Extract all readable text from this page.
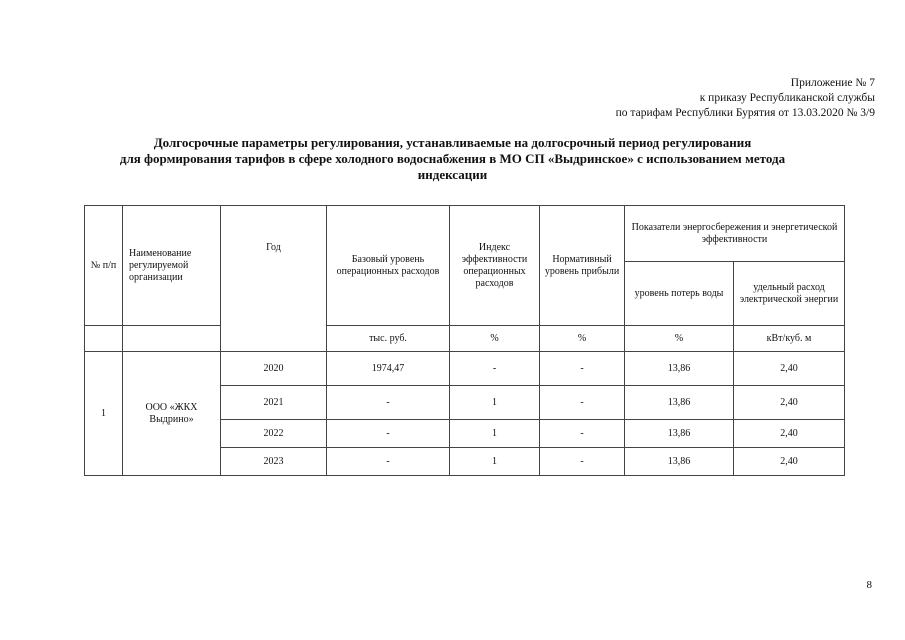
Приложение № 7
к приказу Республиканской службы
по тарифам Республики Бурятия от 13.03.2020 № 3/9
Долгосрочные параметры регулирования, устанавливаемые на долгосрочный период регулирования
для формирования тарифов в сфере холодного водоснабжения в МО СП «Выдринское» с использованием метода
индексации
№ п/п	Наименование регулируемой организации	Год	Базовый уровень операционных расходов	Индекс эффективности операционных расходов	Нормативный уровень прибыли	Показатели энергосбережения и энергетической эффективности	
						уровень потерь воды	удельный расход электрической энергии
			тыс. руб.	%	%	%	кВт/куб. м
1	ООО «ЖКХ Выдрино»	2020	1974,47	-	-	13,86	2,40
		2021	-	1	-	13,86	2,40
		2022	-	1	-	13,86	2,40
		2023	-	1	-	13,86	2,40
8
